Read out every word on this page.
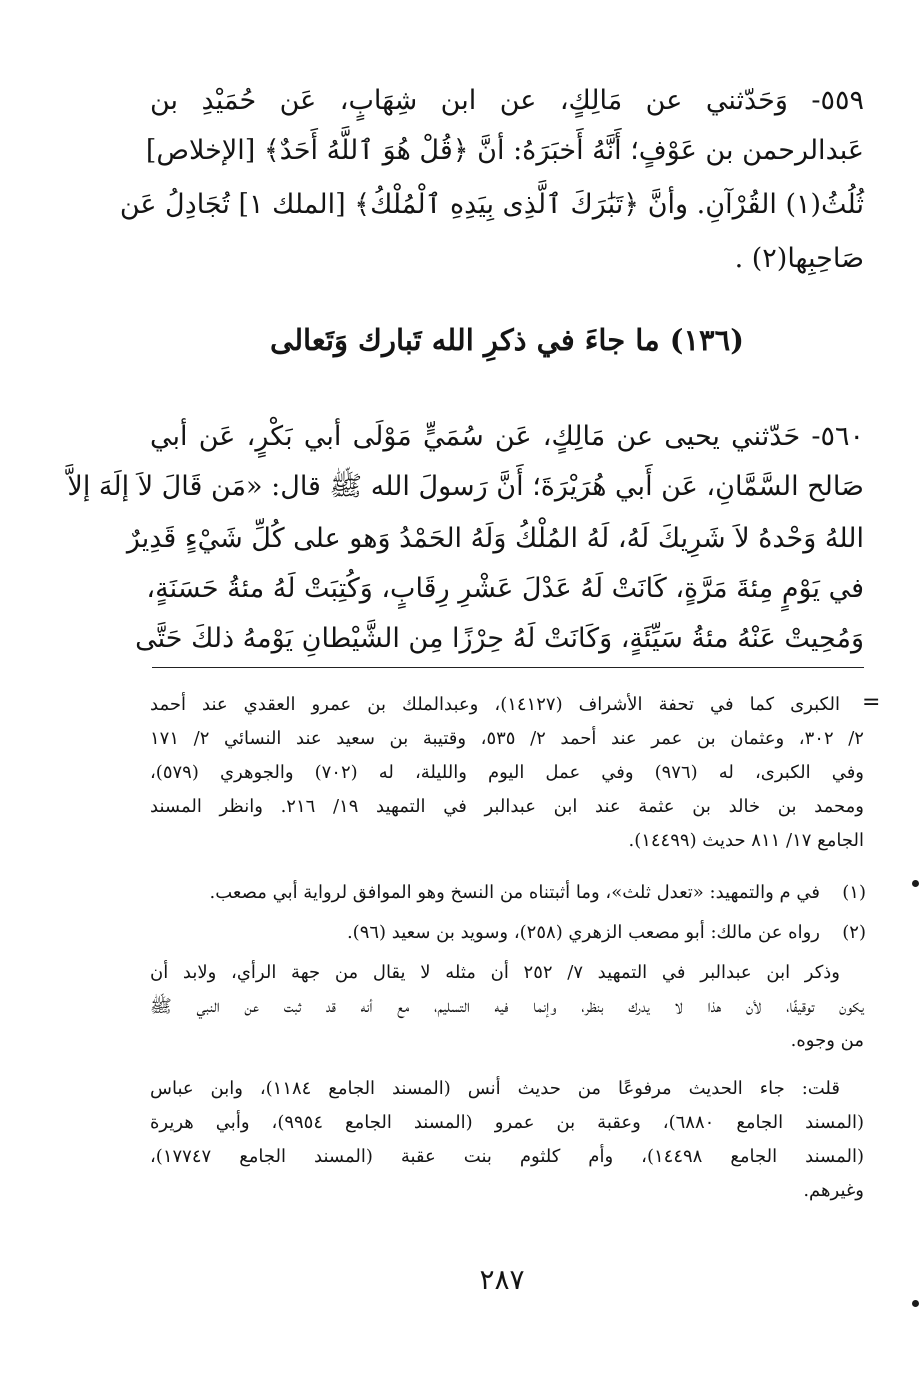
٥٥٩- وَحَدّثني عن مَالِكٍ، عن ابن شِهَابٍ، عَن حُمَيْدِ بن
عَبدالرحمن بن عَوْفٍ؛ أَنَّهُ أَخبَرَهُ: أنَّ ﴿قُلْ هُوَ ٱللَّهُ أَحَدٌ﴾ [الإخلاص]
ثُلُثُ(١) القُرْآنِ. وأنَّ ﴿تَبَٰرَكَ ٱلَّذِى بِيَدِهِ ٱلْمُلْكُ﴾ [الملك ١] تُجَادِلُ عَن
صَاحِبِها(٢) .
(١٣٦) ما جاءَ في ذكرِ الله تَبارك وَتَعالى
٥٦٠- حَدّثني يحيى عن مَالِكٍ، عَن سُمَيٍّ مَوْلَى أبي بَكْرٍ، عَن أبي
صَالح السَّمَّانِ، عَن أَبي هُرَيْرَةَ؛ أَنَّ رَسولَ الله ﷺ قال: «مَن قَالَ لاَ إلَهَ إلاَّ
اللهُ وَحْدهُ لاَ شَرِيكَ لَهُ، لَهُ المُلْكُ وَلَهُ الحَمْدُ وَهو على كُلِّ شَيْءٍ قَدِيرٌ
في يَوْمٍ مِئةَ مَرَّةٍ، كَانَتْ لَهُ عَدْلَ عَشْرِ رِقَابٍ، وَكُتِبَتْ لَهُ مئةُ حَسَنَةٍ،
وَمُحِيتْ عَنْهُ مئةُ سَيِّئَةٍ، وَكَانَتْ لَهُ حِرْزًا مِن الشَّيْطانِ يَوْمهُ ذلكَ حَتَّى
=
الكبرى كما في تحفة الأشراف (١٤١٢٧)، وعبدالملك بن عمرو العقدي عند أحمد
٢/ ٣٠٢، وعثمان بن عمر عند أحمد ٢/ ٥٣٥، وقتيبة بن سعيد عند النسائي ٢/ ١٧١
وفي الكبرى، له (٩٧٦) وفي عمل اليوم والليلة، له (٧٠٢) والجوهري (٥٧٩)،
ومحمد بن خالد بن عثمة عند ابن عبدالبر في التمهيد ١٩/ ٢١٦. وانظر المسند
الجامع ١٧/ ٨١١ حديث (١٤٤٩٩).
(١)
في م والتمهيد: «تعدل ثلث»، وما أثبتناه من النسخ وهو الموافق لرواية أبي مصعب.
(٢)
رواه عن مالك: أبو مصعب الزهري (٢٥٨)، وسويد بن سعيد (٩٦).
وذكر ابن عبدالبر في التمهيد ٧/ ٢٥٢ أن مثله لا يقال من جهة الرأي، ولابد أن
يكون توقيفًا، لأن هذا لا يدرك بنظر، وإنما فيه التسليم، مع أنه قد ثبت عن النبي ﷺ
من وجوه.
قلت: جاء الحديث مرفوعًا من حديث أنس (المسند الجامع ١١٨٤)، وابن عباس
(المسند الجامع ٦٨٨٠)، وعقبة بن عمرو (المسند الجامع ٩٩٥٤)، وأبي هريرة
(المسند الجامع ١٤٤٩٨)، وأم كلثوم بنت عقبة (المسند الجامع ١٧٧٤٧)،
وغيرهم.
٢٨٧
